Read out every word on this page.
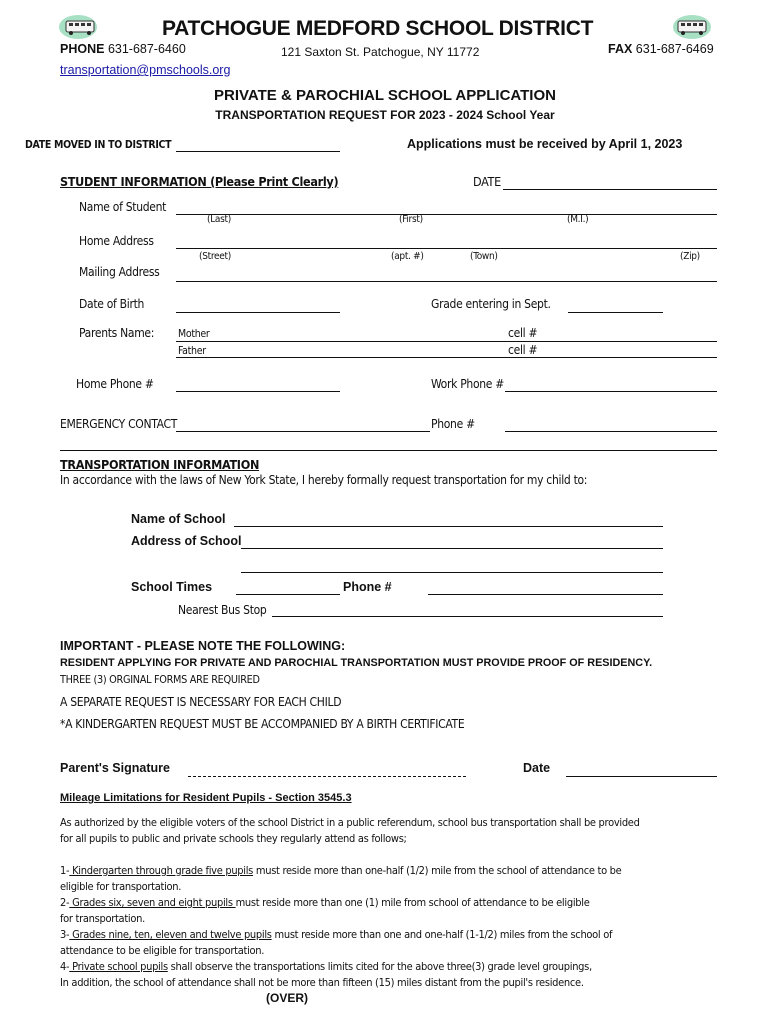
PATCHOGUE MEDFORD SCHOOL DISTRICT
PHONE 631-687-6460	121 Saxton St. Patchogue, NY 11772	FAX 631-687-6469
transportation@pmschools.org
PRIVATE & PAROCHIAL SCHOOL APPLICATION
TRANSPORTATION REQUEST FOR 2023 - 2024 School Year
DATE MOVED IN TO DISTRICT	Applications must be received by April 1, 2023
STUDENT INFORMATION (Please Print Clearly)	DATE
Name of Student
(Last)	(First)	(M.I.)
Home Address
(Street)	(apt. #)	(Town)	(Zip)
Mailing Address
Date of Birth	Grade entering in Sept.
Parents Name: Mother	cell #
Father	cell #
Home Phone #	Work Phone #
EMERGENCY CONTACT	Phone #
TRANSPORTATION INFORMATION
In accordance with the laws of New York State, I hereby formally request transportation for my child to:
Name of School
Address of School
School Times	Phone #
Nearest Bus Stop
IMPORTANT - PLEASE NOTE THE FOLLOWING:
RESIDENT APPLYING FOR PRIVATE AND PAROCHIAL TRANSPORTATION MUST PROVIDE PROOF OF RESIDENCY.
THREE (3) ORGINAL FORMS ARE REQUIRED
A SEPARATE REQUEST IS NECESSARY FOR EACH CHILD
*A KINDERGARTEN REQUEST MUST BE ACCOMPANIED BY A BIRTH CERTIFICATE
Parent's Signature	Date
Mileage Limitations for Resident Pupils - Section 3545.3
As authorized by the eligible voters of the school District in a public referendum, school bus transportation shall be provided
for all pupils to public and private schools they regularly attend as follows;
1- Kindergarten through grade five pupils must reside more than one-half (1/2) mile from the school of attendance to be
eligible for transportation.
2- Grades six, seven and eight pupils must reside more than one (1) mile from school of attendance to be eligible
for transportation.
3- Grades nine, ten, eleven and twelve pupils must reside more than one and one-half (1-1/2) miles from the school of
attendance to be eligible for transportation.
4- Private school pupils shall observe the transportations limits cited for the above three(3) grade level groupings,
In addition, the school of attendance shall not be more than fifteen (15) miles distant from the pupil's residence.
(OVER)
